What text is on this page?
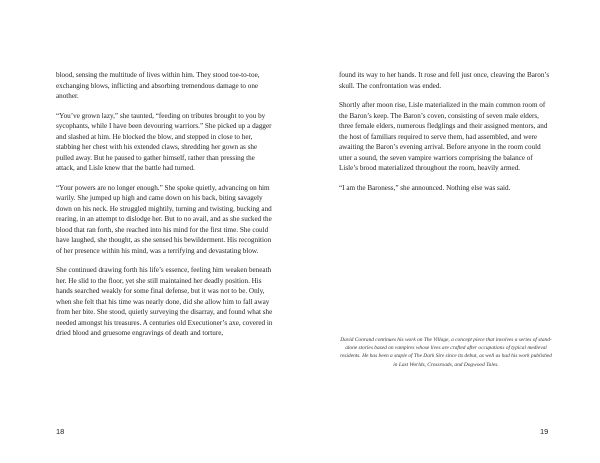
blood, sensing the multitude of lives within him. They stood toe-to-toe, exchanging blows, inflicting and absorbing tremendous damage to one another.

“You’ve grown lazy,” she taunted, “feeding on tributes brought to you by sycophants, while I have been devouring warriors.” She picked up a dagger and slashed at him. He blocked the blow, and stepped in close to her, stabbing her chest with his extended claws, shredding her gown as she pulled away. But he paused to gather himself, rather than pressing the attack, and Lisle knew that the battle had turned.

“Your powers are no longer enough.” She spoke quietly, advancing on him warily. She jumped up high and came down on his back, biting savagely down on his neck. He struggled mightily, turning and twisting, bucking and rearing, in an attempt to dislodge her. But to no avail, and as she sucked the blood that ran forth, she reached into his mind for the first time. She could have laughed, she thought, as she sensed his bewilderment. His recognition of her presence within his mind, was a terrifying and devastating blow.

She continued drawing forth his life’s essence, feeling him weaken beneath her. He slid to the floor, yet she still maintained her deadly position. His hands searched weakly for some final defense, but it was not to be. Only, when she felt that his time was nearly done, did she allow him to fall away from her bite. She stood, quietly surveying the disarray, and found what she needed amongst his treasures. A centuries old Executioner’s axe, covered in dried blood and gruesome engravings of death and torture,

18

found its way to her hands. It rose and fell just once, cleaving the Baron’s skull. The confrontation was ended.

Shortly after moon rise, Lisle materialized in the main common room of the Baron’s keep. The Baron’s coven, consisting of seven male elders, three female elders, numerous fledglings and their assigned mentors, and the host of familiars required to serve them, had assembled, and were awaiting the Baron’s evening arrival. Before anyone in the room could utter a sound, the seven vampire warriors comprising the balance of Lisle’s brood materialized throughout the room, heavily armed.

“I am the Baroness,” she announced. Nothing else was said.

David Conrand continues his work on The Village, a concept piece that involves a series of stand-alone stories based on vampires whose lives are crafted after occupations of typical medieval residents. He has been a staple of The Dark Sire since its debut, as well as had his work published in Last Worlds, Crossroads, and Dogwood Tales.

19
